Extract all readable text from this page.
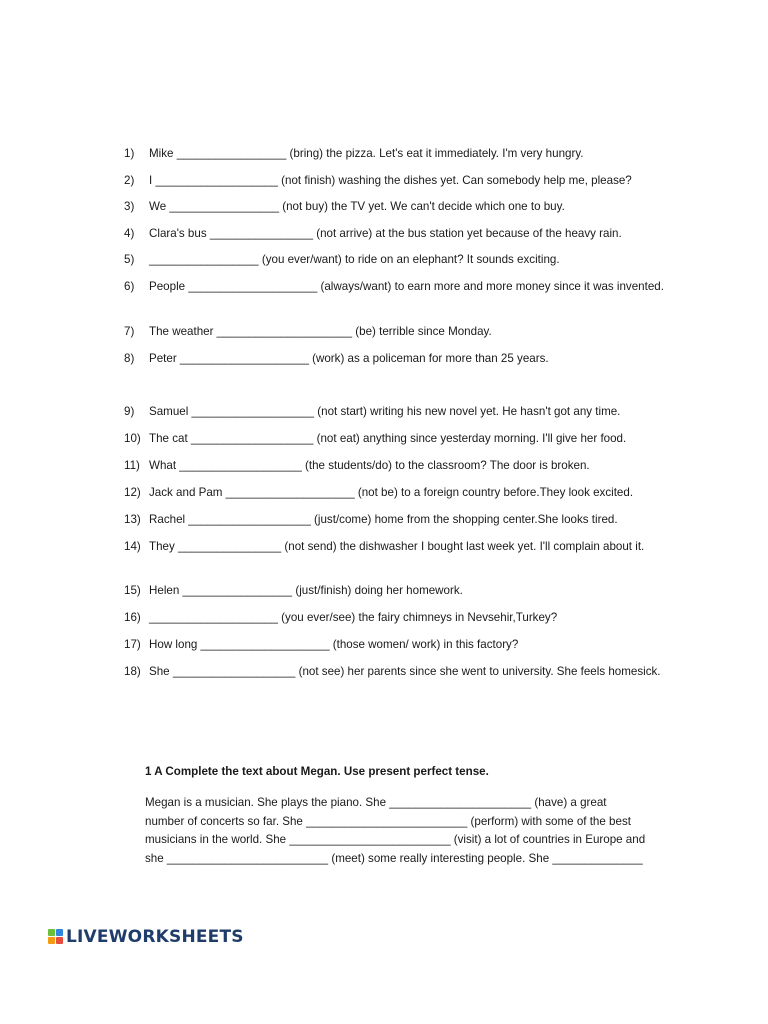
1)	Mike _________________ (bring) the pizza. Let's eat it immediately. I'm very hungry.
2)	I ___________________ (not finish) washing the dishes yet. Can somebody help me, please?
3)	We _________________ (not buy) the TV yet. We can't decide which one to buy.
4)	Clara's bus ________________ (not arrive) at the bus station yet because of the heavy rain.
5)	_________________ (you ever/want) to ride on an elephant? It sounds exciting.
6)	People ____________________ (always/want) to earn more and more money since it was invented.
7)	The weather _____________________ (be) terrible since Monday.
8)	Peter ____________________ (work) as a policeman for more than 25 years.
9)	Samuel ___________________ (not start) writing his new novel yet. He hasn't got any time.
10) The cat ___________________ (not eat) anything since yesterday morning. I'll give her food.
11) What ___________________ (the students/do) to the classroom? The door is broken.
12) Jack and Pam ____________________ (not be) to a foreign country before.They look excited.
13) Rachel ___________________ (just/come) home from the shopping center.She looks tired.
14) They ________________ (not send) the dishwasher I bought last week yet. I'll complain about it.
15) Helen _________________ (just/finish) doing her homework.
16) ____________________ (you ever/see) the fairy chimneys in Nevsehir,Turkey?
17) How long ____________________ (those women/ work) in this factory?
18) She ___________________ (not see) her parents since she went to university. She feels homesick.
1 A Complete the text about Megan. Use present perfect tense.
Megan is a musician. She plays the piano. She ______________________ (have) a great
number of concerts so far. She _________________________ (perform) with some of the best
musicians in the world. She _________________________ (visit) a lot of countries in Europe and
she _________________________ (meet) some really interesting people. She ______________
LIVEWORKSHEETS
